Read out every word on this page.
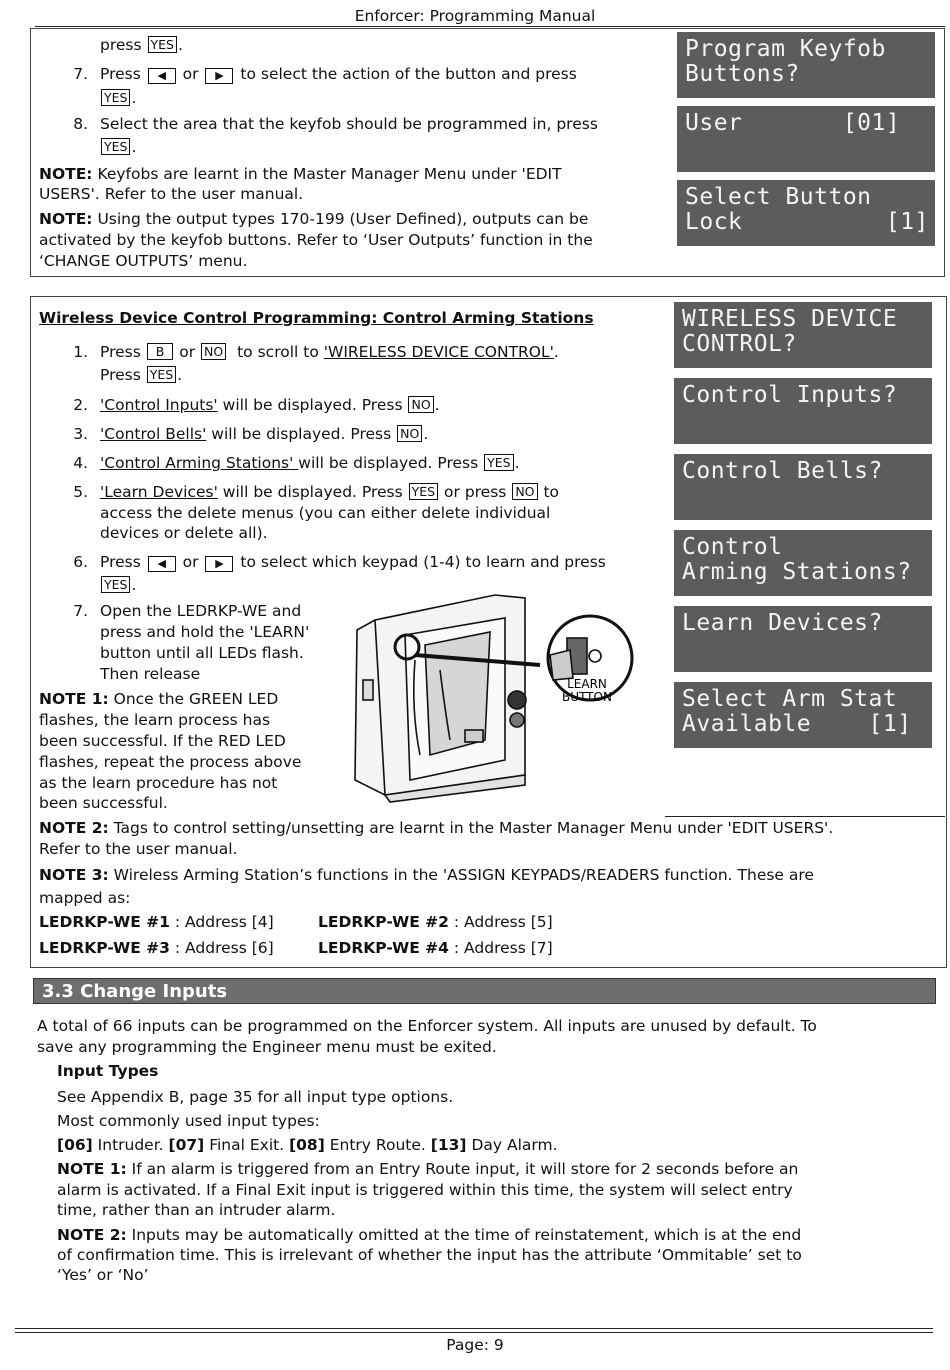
Enforcer: Programming Manual
press YES .
7. Press ◀ or ▶ to select the action of the button and press
YES .
8. Select the area that the keyfob should be programmed in, press
YES .
NOTE: Keyfobs are learnt in the Master Manager Menu under 'EDIT
USERS'. Refer to the user manual.
NOTE: Using the output types 170-199 (User Defined), outputs can be
activated by the keyfob buttons. Refer to ‘User Outputs’ function in the
‘CHANGE OUTPUTS’ menu.
Program Keyfob
Buttons?
User       [01]
Select Button
Lock          [1]
Wireless Device Control Programming: Control Arming Stations
1. Press B or NO to scroll to 'WIRELESS DEVICE CONTROL'.
Press YES .
2. 'Control Inputs' will be displayed. Press NO .
3. 'Control Bells' will be displayed. Press NO .
4. 'Control Arming Stations' will be displayed. Press YES .
5. 'Learn Devices' will be displayed. Press YES or press NO to
access the delete menus (you can either delete individual
devices or delete all).
6. Press ◀ or ▶ to select which keypad (1-4) to learn and press
YES .
7. Open the LEDRKP-WE and
press and hold the 'LEARN'
button until all LEDs flash.
Then release
NOTE 1: Once the GREEN LED
flashes, the learn process has
been successful. If the RED LED
flashes, repeat the process above
as the learn procedure has not
been successful.
LEARN
BUTTON
NOTE 2: Tags to control setting/unsetting are learnt in the Master Manager Menu under 'EDIT USERS'.
Refer to the user manual.
NOTE 3: Wireless Arming Station’s functions in the 'ASSIGN KEYPADS/READERS function. These are
mapped as:
LEDRKP-WE #1 : Address [4]	LEDRKP-WE #2 : Address [5]
LEDRKP-WE #3 : Address [6]	LEDRKP-WE #4 : Address [7]
WIRELESS DEVICE
CONTROL?
Control Inputs?
Control Bells?
Control
Arming Stations?
Learn Devices?
Select Arm Stat
Available    [1]
3.3 Change Inputs
A total of 66 inputs can be programmed on the Enforcer system. All inputs are unused by default. To
save any programming the Engineer menu must be exited.
Input Types
See Appendix B, page 35 for all input type options.
Most commonly used input types:
[06] Intruder. [07] Final Exit. [08] Entry Route. [13] Day Alarm.
NOTE 1: If an alarm is triggered from an Entry Route input, it will store for 2 seconds before an
alarm is activated. If a Final Exit input is triggered within this time, the system will select entry
time, rather than an intruder alarm.
NOTE 2: Inputs may be automatically omitted at the time of reinstatement, which is at the end
of confirmation time. This is irrelevant of whether the input has the attribute ‘Ommitable’ set to
‘Yes’ or ‘No’
Page: 9
